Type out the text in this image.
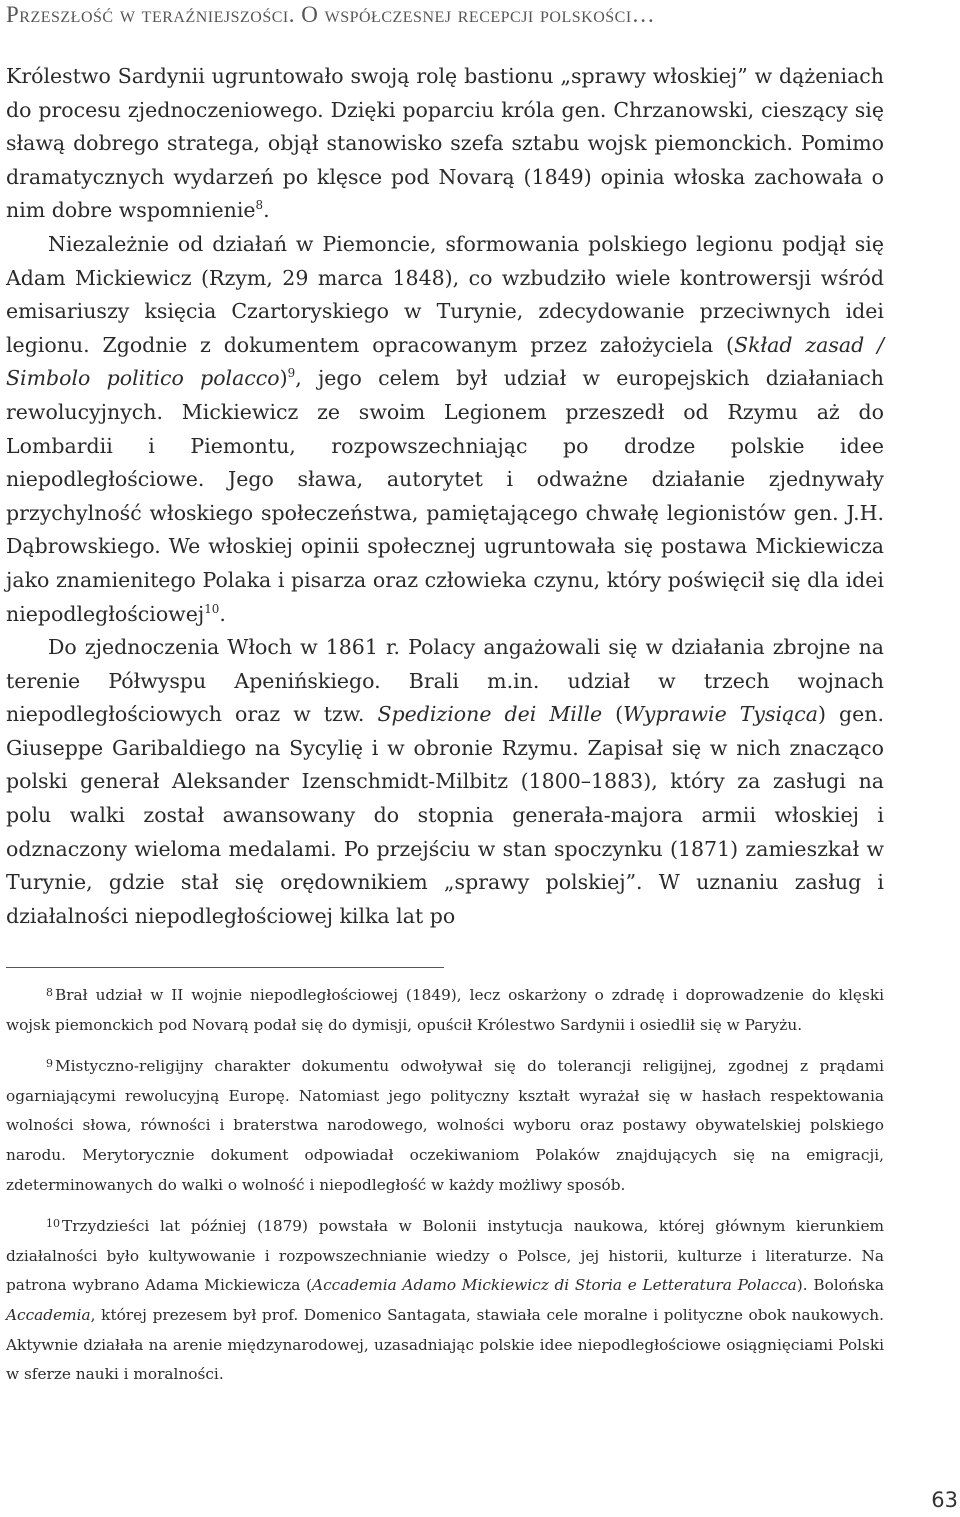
Przeszłość w teraźniejszości. O współczesnej recepcji polskości…

Królestwo Sardynii ugruntowało swoją rolę bastionu „sprawy włoskiej” w dążeniach do procesu zjednoczeniowego. Dzięki poparciu króla gen. Chrzanowski, cieszący się sławą dobrego stratega, objął stanowisko szefa sztabu wojsk piemonckich. Pomimo dramatycznych wydarzeń po klęsce pod Novarą (1849) opinia włoska zachowała o nim dobre wspomnienie$^8$.

Niezależnie od działań w Piemoncie, sformowania polskiego legionu podjął się Adam Mickiewicz (Rzym, 29 marca 1848), co wzbudziło wiele kontrowersji wśród emisariuszy księcia Czartoryskiego w Turynie, zdecydowanie przeciwnych idei legionu. Zgodnie z dokumentem opracowanym przez założyciela (Skład zasad / Simbolo politico polacco)$^9$, jego celem był udział w europejskich działaniach rewolucyjnych. Mickiewicz ze swoim Legionem przeszedł od Rzymu aż do Lombardii i Piemontu, rozpowszechniając po drodze polskie idee niepodległościowe. Jego sława, autorytet i odważne działanie zjednywały przychylność włoskiego społeczeństwa, pamiętającego chwałę legionistów gen. J.H. Dąbrowskiego. We włoskiej opinii społecznej ugruntowała się postawa Mickiewicza jako znamienitego Polaka i pisarza oraz człowieka czynu, który poświęcił się dla idei niepodległościowej$^{10}$.

Do zjednoczenia Włoch w 1861 r. Polacy angażowali się w działania zbrojne na terenie Półwyspu Apenińskiego. Brali m.in. udział w trzech wojnach niepodległościowych oraz w tzw. Spedizione dei Mille (Wyprawie Tysiąca) gen. Giuseppe Garibaldiego na Sycylię i w obronie Rzymu. Zapisał się w nich znacząco polski generał Aleksander Izenschmidt-Milbitz (1800–1883), który za zasługi na polu walki został awansowany do stopnia generała-majora armii włoskiej i odznaczony wieloma medalami. Po przejściu w stan spoczynku (1871) zamieszkał w Turynie, gdzie stał się orędownikiem „sprawy polskiej”. W uznaniu zasług i działalności niepodległościowej kilka lat po

$^8$ Brał udział w II wojnie niepodległościowej (1849), lecz oskarżony o zdradę i doprowadzenie do klęski wojsk piemonckich pod Novarą podał się do dymisji, opuścił Królestwo Sardynii i osiedlił się w Paryżu.

$^9$ Mistyczno-religijny charakter dokumentu odwoływał się do tolerancji religijnej, zgodnej z prądami ogarniającymi rewolucyjną Europę. Natomiast jego polityczny kształt wyrażał się w hasłach respektowania wolności słowa, równości i braterstwa narodowego, wolności wyboru oraz postawy obywatelskiej polskiego narodu. Merytorycznie dokument odpowiadał oczekiwaniom Polaków znajdujących się na emigracji, zdeterminowanych do walki o wolność i niepodległość w każdy możliwy sposób.

$^{10}$ Trzydzieści lat później (1879) powstała w Bolonii instytucja naukowa, której głównym kierunkiem działalności było kultywowanie i rozpowszechnianie wiedzy o Polsce, jej historii, kulturze i literaturze. Na patrona wybrano Adama Mickiewicza (Accademia Adamo Mickiewicz di Storia e Letteratura Polacca). Bolońska Accademia, której prezesem był prof. Domenico Santagata, stawiała cele moralne i polityczne obok naukowych. Aktywnie działała na arenie międzynarodowej, uzasadniając polskie idee niepodległościowe osiągnięciami Polski w sferze nauki i moralności.

63
